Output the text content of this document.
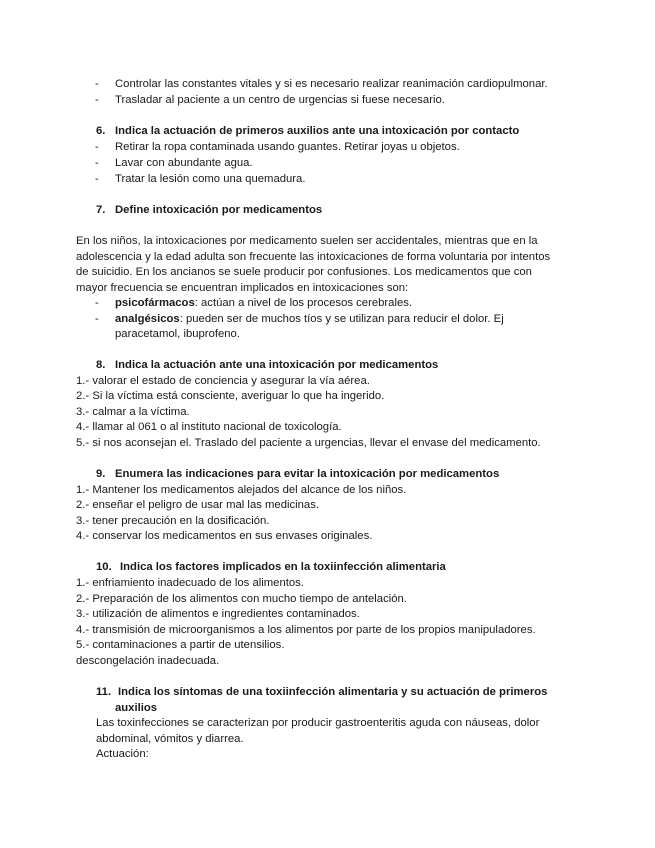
- Controlar las constantes vitales y si es necesario realizar reanimación cardiopulmonar.
- Trasladar al paciente a un centro de urgencias si fuese necesario.
6. Indica la actuación de primeros auxilios ante una intoxicación por contacto
- Retirar la ropa contaminada usando guantes. Retirar joyas u objetos.
- Lavar con abundante agua.
- Tratar la lesión como una quemadura.
7. Define intoxicación por medicamentos
En los niños, la intoxicaciones por medicamento suelen ser accidentales, mientras que en la
adolescencia y la edad adulta son frecuente las intoxicaciones de forma voluntaria por intentos
de suicidio. En los ancianos se suele producir por confusiones. Los medicamentos que con
mayor frecuencia se encuentran implicados en intoxicaciones son:
- psicofármacos: actúan a nivel de los procesos cerebrales.
- analgésicos: pueden ser de muchos tíos y se utilizan para reducir el dolor. Ej
paracetamol, ibuprofeno.
8. Indica la actuación ante una intoxicación por medicamentos
1.- valorar el estado de conciencia y asegurar la vía aérea.
2.- Si la víctima está consciente, averiguar lo que ha ingerido.
3.- calmar a la víctima.
4.- llamar al 061 o al instituto nacional de toxicología.
5.- si nos aconsejan el. Traslado del paciente a urgencias, llevar el envase del medicamento.
9. Enumera las indicaciones para evitar la intoxicación por medicamentos
1.- Mantener los medicamentos alejados del alcance de los niños.
2.- enseñar el peligro de usar mal las medicinas.
3.- tener precaución en la dosificación.
4.- conservar los medicamentos en sus envases originales.
10. Indica los factores implicados en la toxiinfección alimentaria
1.- enfriamiento inadecuado de los alimentos.
2.- Preparación de los alimentos con mucho tiempo de antelación.
3.- utilización de alimentos e ingredientes contaminados.
4.- transmisión de microorganismos a los alimentos por parte de los propios manipuladores.
5.- contaminaciones a partir de utensilios.
descongelación inadecuada.
11. Indica los síntomas de una toxiinfección alimentaria y su actuación de primeros
auxilios
Las toxinfecciones se caracterizan por producir gastroenteritis aguda con náuseas, dolor
abdominal, vómitos y diarrea.
Actuación:
